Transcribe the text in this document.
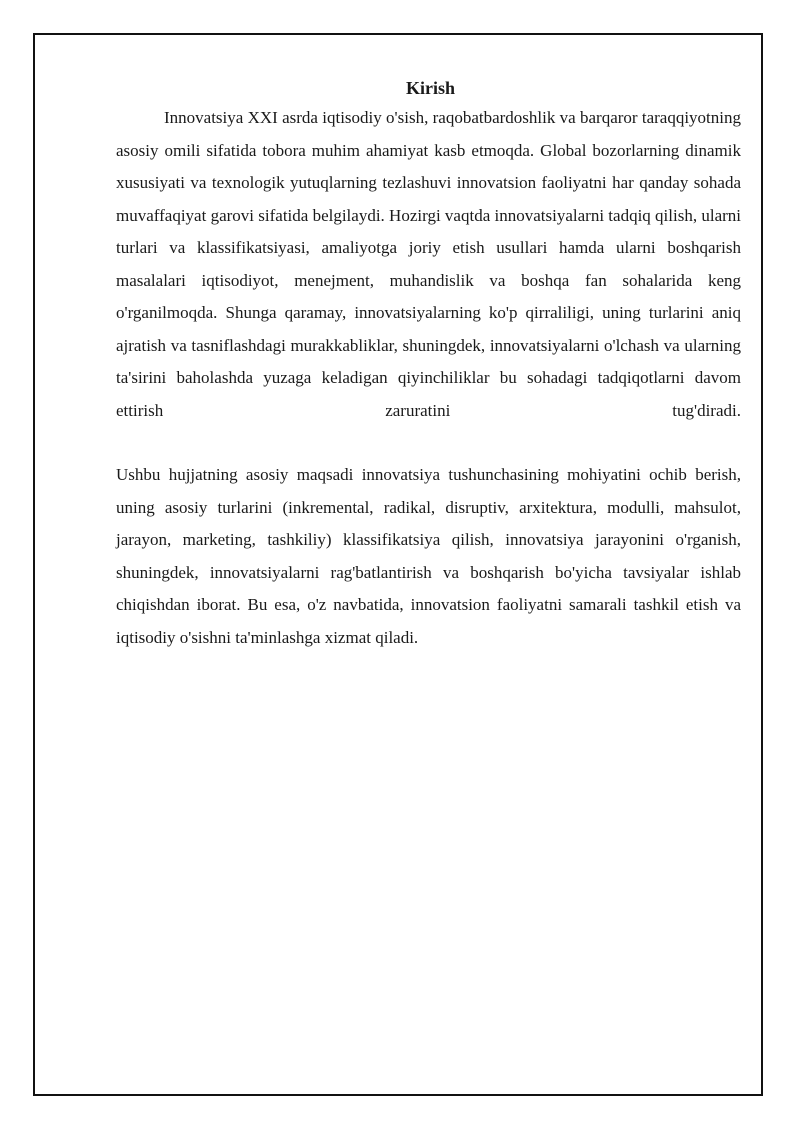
Kirish

Innovatsiya XXI asrda iqtisodiy o'sish, raqobatbardoshlik va barqaror taraqqiyotning asosiy omili sifatida tobora muhim ahamiyat kasb etmoqda. Global bozorlarning dinamik xususiyati va texnologik yutuqlarning tezlashuvi innovatsion faoliyatni har qanday sohada muvaffaqiyat garovi sifatida belgilaydi. Hozirgi vaqtda innovatsiyalarni tadqiq qilish, ularni turlari va klassifikatsiyasi, amaliyotga joriy etish usullari hamda ularni boshqarish masalalari iqtisodiyot, menejment, muhandislik va boshqa fan sohalarida keng o'rganilmoqda. Shunga qaramay, innovatsiyalarning ko'p qirraliligi, uning turlarini aniq ajratish va tasniflashdagi murakkabliklar, shuningdek, innovatsiyalarni o'lchash va ularning ta'sirini baholashda yuzaga keladigan qiyinchiliklar bu sohadagi tadqiqotlarni davom ettirish zaruratini tug'diradi.

Ushbu hujjatning asosiy maqsadi innovatsiya tushunchasining mohiyatini ochib berish, uning asosiy turlarini (inkremental, radikal, disruptiv, arxitektura, modulli, mahsulot, jarayon, marketing, tashkiliy) klassifikatsiya qilish, innovatsiya jarayonini o'rganish, shuningdek, innovatsiyalarni rag'batlantirish va boshqarish bo'yicha tavsiyalar ishlab chiqishdan iborat. Bu esa, o'z navbatida, innovatsion faoliyatni samarali tashkil etish va iqtisodiy o'sishni ta'minlashga xizmat qiladi.
